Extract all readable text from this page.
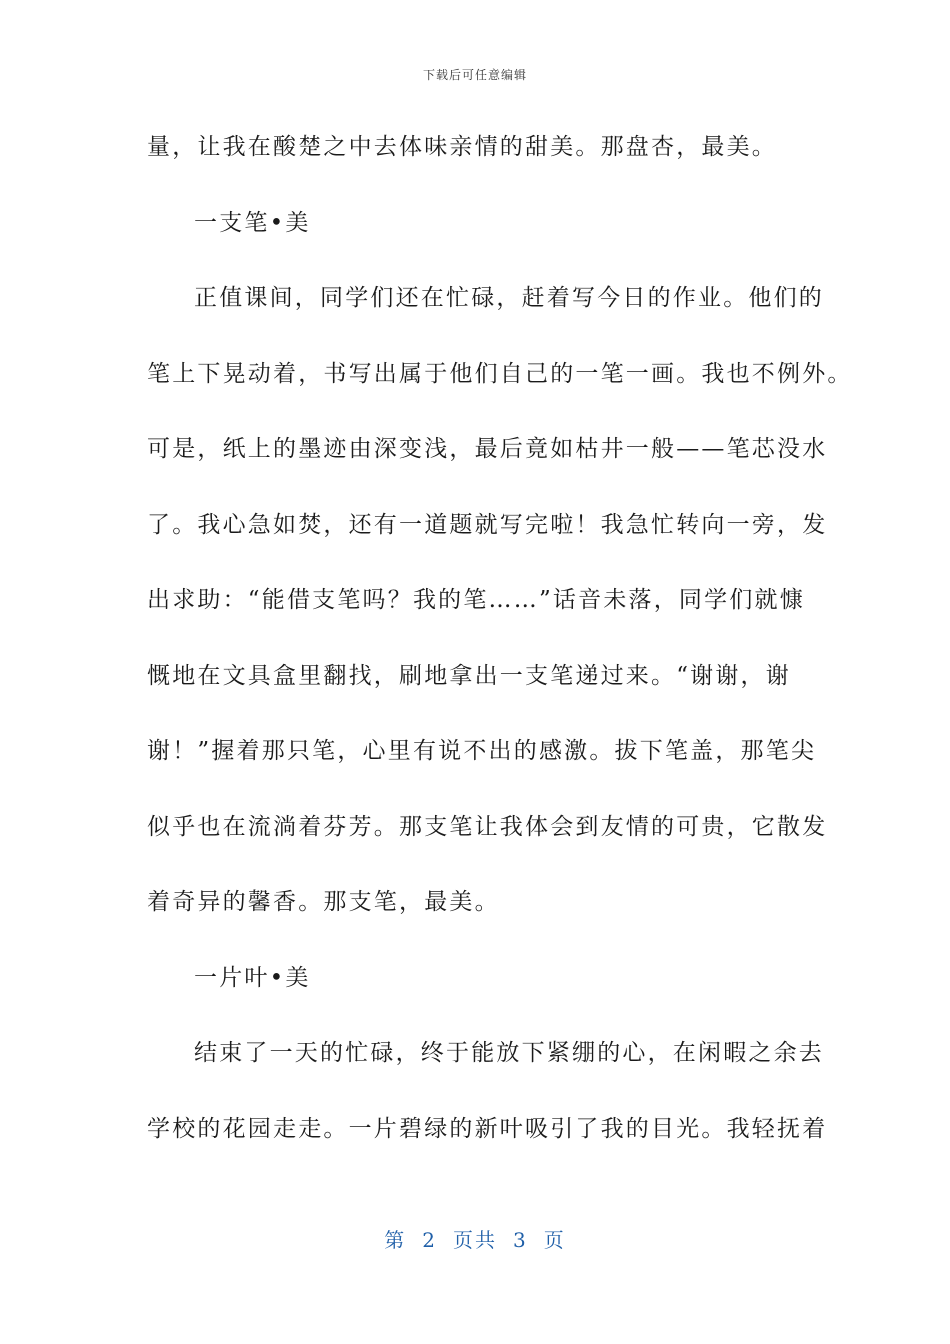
下载后可任意编辑
量，让我在酸楚之中去体味亲情的甜美。那盘杏，最美。
一支笔•美
正值课间，同学们还在忙碌，赶着写今日的作业。他们的
笔上下晃动着，书写出属于他们自己的一笔一画。我也不例外。
可是，纸上的墨迹由深变浅，最后竟如枯井一般——笔芯没水
了。我心急如焚，还有一道题就写完啦！我急忙转向一旁，发
出求助：“能借支笔吗？我的笔……”话音未落，同学们就慷
慨地在文具盒里翻找，刷地拿出一支笔递过来。“谢谢，谢
谢！”握着那只笔，心里有说不出的感激。拔下笔盖，那笔尖
似乎也在流淌着芬芳。那支笔让我体会到友情的可贵，它散发
着奇异的馨香。那支笔，最美。
一片叶•美
结束了一天的忙碌，终于能放下紧绷的心，在闲暇之余去
学校的花园走走。一片碧绿的新叶吸引了我的目光。我轻抚着
第 2 页共 3 页
